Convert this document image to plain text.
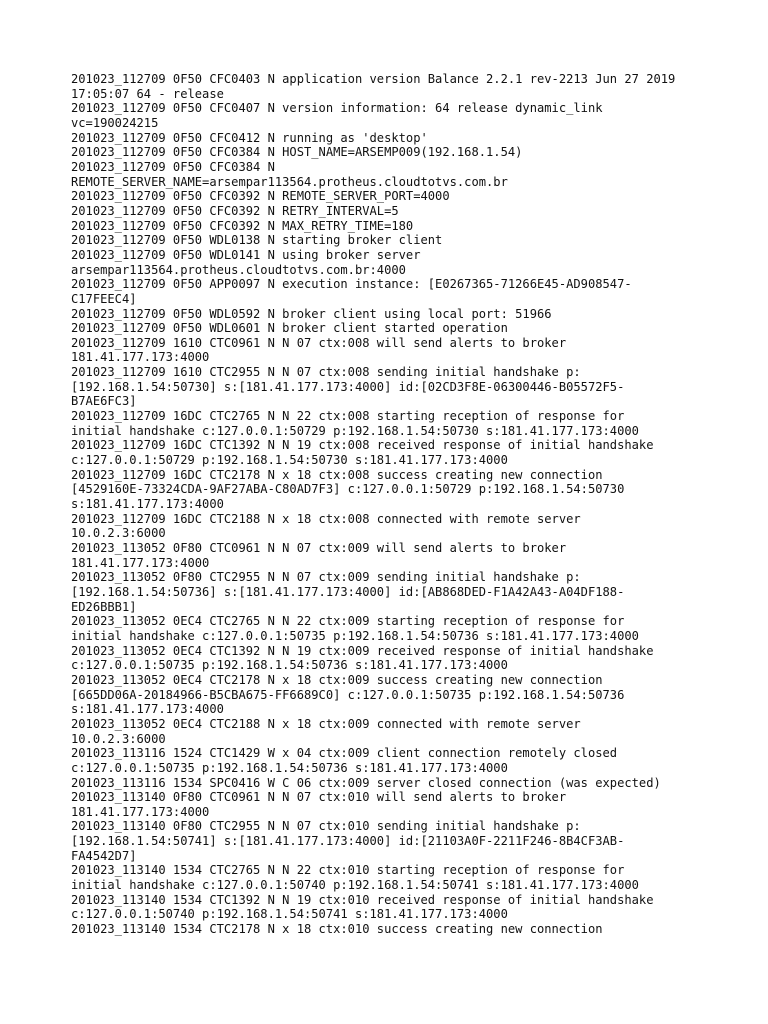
201023_112709 0F50 CFC0403 N application version Balance 2.2.1 rev-2213 Jun 27 2019
17:05:07 64 - release
201023_112709 0F50 CFC0407 N version information: 64 release dynamic_link
vc=190024215
201023_112709 0F50 CFC0412 N running as 'desktop'
201023_112709 0F50 CFC0384 N HOST_NAME=ARSEMP009(192.168.1.54)
201023_112709 0F50 CFC0384 N
REMOTE_SERVER_NAME=arsempar113564.protheus.cloudtotvs.com.br
201023_112709 0F50 CFC0392 N REMOTE_SERVER_PORT=4000
201023_112709 0F50 CFC0392 N RETRY_INTERVAL=5
201023_112709 0F50 CFC0392 N MAX_RETRY_TIME=180
201023_112709 0F50 WDL0138 N starting broker client
201023_112709 0F50 WDL0141 N using broker server
arsempar113564.protheus.cloudtotvs.com.br:4000
201023_112709 0F50 APP0097 N execution instance: [E0267365-71266E45-AD908547-
C17FEEC4]
201023_112709 0F50 WDL0592 N broker client using local port: 51966
201023_112709 0F50 WDL0601 N broker client started operation
201023_112709 1610 CTC0961 N N 07 ctx:008 will send alerts to broker
181.41.177.173:4000
201023_112709 1610 CTC2955 N N 07 ctx:008 sending initial handshake p:
[192.168.1.54:50730] s:[181.41.177.173:4000] id:[02CD3F8E-06300446-B05572F5-
B7AE6FC3]
201023_112709 16DC CTC2765 N N 22 ctx:008 starting reception of response for
initial handshake c:127.0.0.1:50729 p:192.168.1.54:50730 s:181.41.177.173:4000
201023_112709 16DC CTC1392 N N 19 ctx:008 received response of initial handshake
c:127.0.0.1:50729 p:192.168.1.54:50730 s:181.41.177.173:4000
201023_112709 16DC CTC2178 N x 18 ctx:008 success creating new connection
[4529160E-73324CDA-9AF27ABA-C80AD7F3] c:127.0.0.1:50729 p:192.168.1.54:50730
s:181.41.177.173:4000
201023_112709 16DC CTC2188 N x 18 ctx:008 connected with remote server
10.0.2.3:6000
201023_113052 0F80 CTC0961 N N 07 ctx:009 will send alerts to broker
181.41.177.173:4000
201023_113052 0F80 CTC2955 N N 07 ctx:009 sending initial handshake p:
[192.168.1.54:50736] s:[181.41.177.173:4000] id:[AB868DED-F1A42A43-A04DF188-
ED26BBB1]
201023_113052 0EC4 CTC2765 N N 22 ctx:009 starting reception of response for
initial handshake c:127.0.0.1:50735 p:192.168.1.54:50736 s:181.41.177.173:4000
201023_113052 0EC4 CTC1392 N N 19 ctx:009 received response of initial handshake
c:127.0.0.1:50735 p:192.168.1.54:50736 s:181.41.177.173:4000
201023_113052 0EC4 CTC2178 N x 18 ctx:009 success creating new connection
[665DD06A-20184966-B5CBA675-FF6689C0] c:127.0.0.1:50735 p:192.168.1.54:50736
s:181.41.177.173:4000
201023_113052 0EC4 CTC2188 N x 18 ctx:009 connected with remote server
10.0.2.3:6000
201023_113116 1524 CTC1429 W x 04 ctx:009 client connection remotely closed
c:127.0.0.1:50735 p:192.168.1.54:50736 s:181.41.177.173:4000
201023_113116 1534 SPC0416 W C 06 ctx:009 server closed connection (was expected)
201023_113140 0F80 CTC0961 N N 07 ctx:010 will send alerts to broker
181.41.177.173:4000
201023_113140 0F80 CTC2955 N N 07 ctx:010 sending initial handshake p:
[192.168.1.54:50741] s:[181.41.177.173:4000] id:[21103A0F-2211F246-8B4CF3AB-
FA4542D7]
201023_113140 1534 CTC2765 N N 22 ctx:010 starting reception of response for
initial handshake c:127.0.0.1:50740 p:192.168.1.54:50741 s:181.41.177.173:4000
201023_113140 1534 CTC1392 N N 19 ctx:010 received response of initial handshake
c:127.0.0.1:50740 p:192.168.1.54:50741 s:181.41.177.173:4000
201023_113140 1534 CTC2178 N x 18 ctx:010 success creating new connection
